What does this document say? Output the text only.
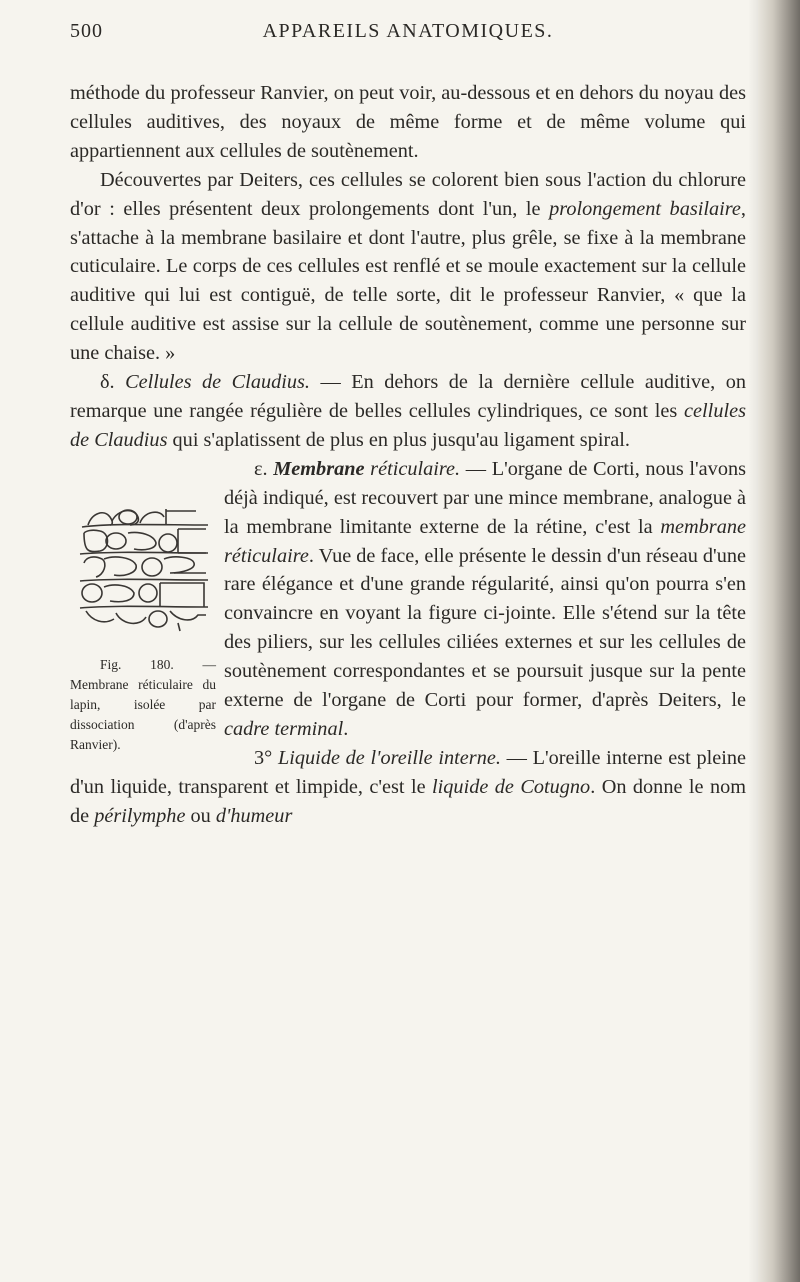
500	APPAREILS ANATOMIQUES.

méthode du professeur Ranvier, on peut voir, au-dessous et en dehors du noyau des cellules auditives, des noyaux de même forme et de même volume qui appartiennent aux cellules de soutènement.

Découvertes par Deiters, ces cellules se colorent bien sous l'action du chlorure d'or : elles présentent deux prolongements dont l'un, le prolongement basilaire, s'attache à la membrane basilaire et dont l'autre, plus grêle, se fixe à la membrane cuticulaire. Le corps de ces cellules est renflé et se moule exactement sur la cellule auditive qui lui est contiguë, de telle sorte, dit le professeur Ranvier, « que la cellule auditive est assise sur la cellule de soutènement, comme une personne sur une chaise. »

δ. Cellules de Claudius. — En dehors de la dernière cellule auditive, on remarque une rangée régulière de belles cellules cylindriques, ce sont les cellules de Claudius qui s'aplatissent de plus en plus jusqu'au ligament spiral.

ε. Membrane réticulaire.
Fig. 180. — Membrane réticulaire du lapin, isolée par dissociation (d'après Ranvier).
— L'organe de Corti, nous l'avons déjà indiqué, est recouvert par une mince membrane, analogue à la membrane limitante externe de la rétine, c'est la membrane réticulaire. Vue de face, elle présente le dessin d'un réseau d'une rare élégance et d'une grande régularité, ainsi qu'on pourra s'en convaincre en voyant la figure ci-jointe. Elle s'étend sur la tête des piliers, sur les cellules ciliées externes et sur les cellules de soutènement correspondantes et se poursuit jusque sur la pente externe de l'organe de Corti pour former, d'après Deiters, le cadre terminal.

3° Liquide de l'oreille interne. — L'oreille interne est pleine d'un liquide, transparent et limpide, c'est le liquide de Cotugno. On donne le nom de périlymphe ou d'humeur
